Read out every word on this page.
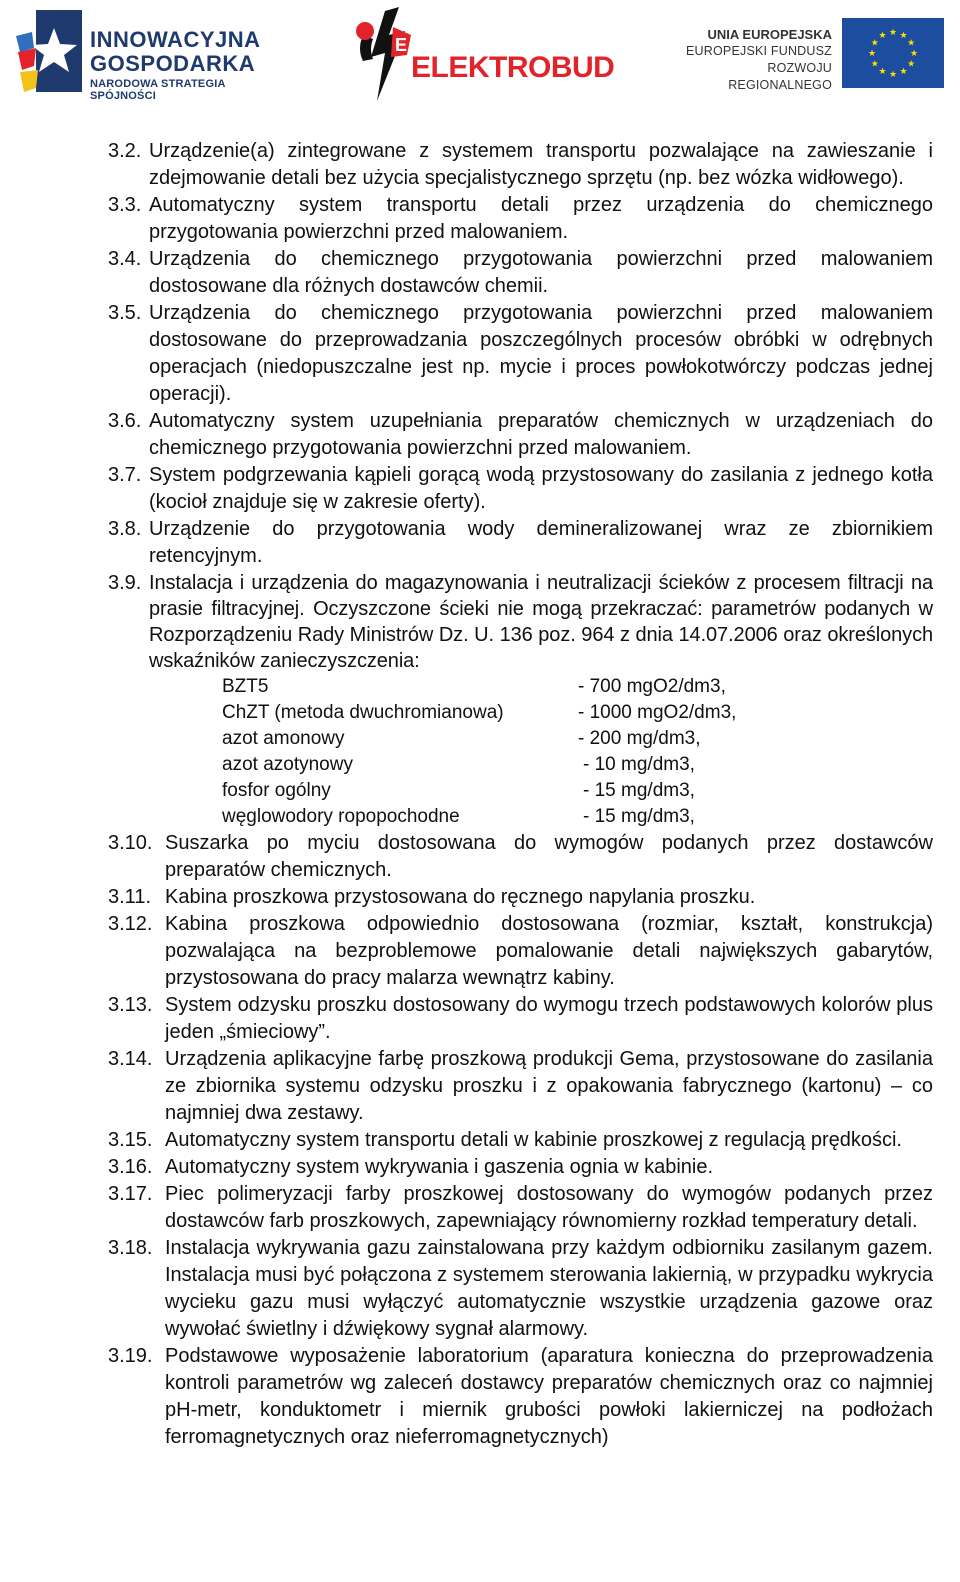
INNOWACYJNA
GOSPODARKA
NARODOWA STRATEGIA SPÓJNOŚCI
E
ELEKTROBUD
UNIA EUROPEJSKA
EUROPEJSKI FUNDUSZ
ROZWOJU REGIONALNEGO
★ ★
★
★
★
★
★
★
★
★
★
★
3.2. Urządzenie(a) zintegrowane z systemem transportu pozwalające na zawieszanie i zdejmowanie detali bez użycia specjalistycznego sprzętu (np. bez wózka widłowego).
3.3. Automatyczny system transportu detali przez urządzenia do chemicznego przygotowania powierzchni przed malowaniem.
3.4. Urządzenia do chemicznego przygotowania powierzchni przed malowaniem dostosowane dla różnych dostawców chemii.
3.5. Urządzenia do chemicznego przygotowania powierzchni przed malowaniem dostosowane do przeprowadzania poszczególnych procesów obróbki w odrębnych operacjach (niedopuszczalne jest np. mycie i proces powłokotwórczy podczas jednej operacji).
3.6. Automatyczny system uzupełniania preparatów chemicznych w urządzeniach do chemicznego przygotowania powierzchni przed malowaniem.
3.7. System podgrzewania kąpieli gorącą wodą przystosowany do zasilania z jednego kotła (kocioł znajduje się w zakresie oferty).
3.8. Urządzenie do przygotowania wody demineralizowanej wraz ze zbiornikiem retencyjnym.
3.9. Instalacja i urządzenia do magazynowania i neutralizacji ścieków z procesem filtracji na prasie filtracyjnej. Oczyszczone ścieki nie mogą przekraczać: parametrów podanych w Rozporządzeniu Rady Ministrów Dz. U. 136 poz. 964 z dnia 14.07.2006 oraz określonych wskaźników zanieczyszczenia:
BZT5	- 700 mgO2/dm3,
ChZT (metoda dwuchromianowa)	- 1000 mgO2/dm3,
azot amonowy	- 200 mg/dm3,
azot azotynowy	- 10 mg/dm3,
fosfor ogólny	- 15 mg/dm3,
węglowodory ropopochodne	- 15 mg/dm3,
3.10. Suszarka po myciu dostosowana do wymogów podanych przez dostawców preparatów chemicznych.
3.11. Kabina proszkowa przystosowana do ręcznego napylania proszku.
3.12. Kabina proszkowa odpowiednio dostosowana (rozmiar, kształt, konstrukcja) pozwalająca na bezproblemowe pomalowanie detali największych gabarytów, przystosowana do pracy malarza wewnątrz kabiny.
3.13. System odzysku proszku dostosowany do wymogu trzech podstawowych kolorów plus jeden „śmieciowy”.
3.14. Urządzenia aplikacyjne farbę proszkową produkcji Gema, przystosowane do zasilania ze zbiornika systemu odzysku proszku i z opakowania fabrycznego (kartonu) – co najmniej dwa zestawy.
3.15. Automatyczny system transportu detali w kabinie proszkowej z regulacją prędkości.
3.16. Automatyczny system wykrywania i gaszenia ognia w kabinie.
3.17. Piec polimeryzacji farby proszkowej dostosowany do wymogów podanych przez dostawców farb proszkowych, zapewniający równomierny rozkład temperatury detali.
3.18. Instalacja wykrywania gazu zainstalowana przy każdym odbiorniku zasilanym gazem. Instalacja musi być połączona z systemem sterowania lakiernią, w przypadku wykrycia wycieku gazu musi wyłączyć automatycznie wszystkie urządzenia gazowe oraz wywołać świetlny i dźwiękowy sygnał alarmowy.
3.19. Podstawowe wyposażenie laboratorium (aparatura konieczna do przeprowadzenia kontroli parametrów wg zaleceń dostawcy preparatów chemicznych oraz co najmniej pH-metr, konduktometr i miernik grubości powłoki lakierniczej na podłożach ferromagnetycznych oraz nieferromagnetycznych)
